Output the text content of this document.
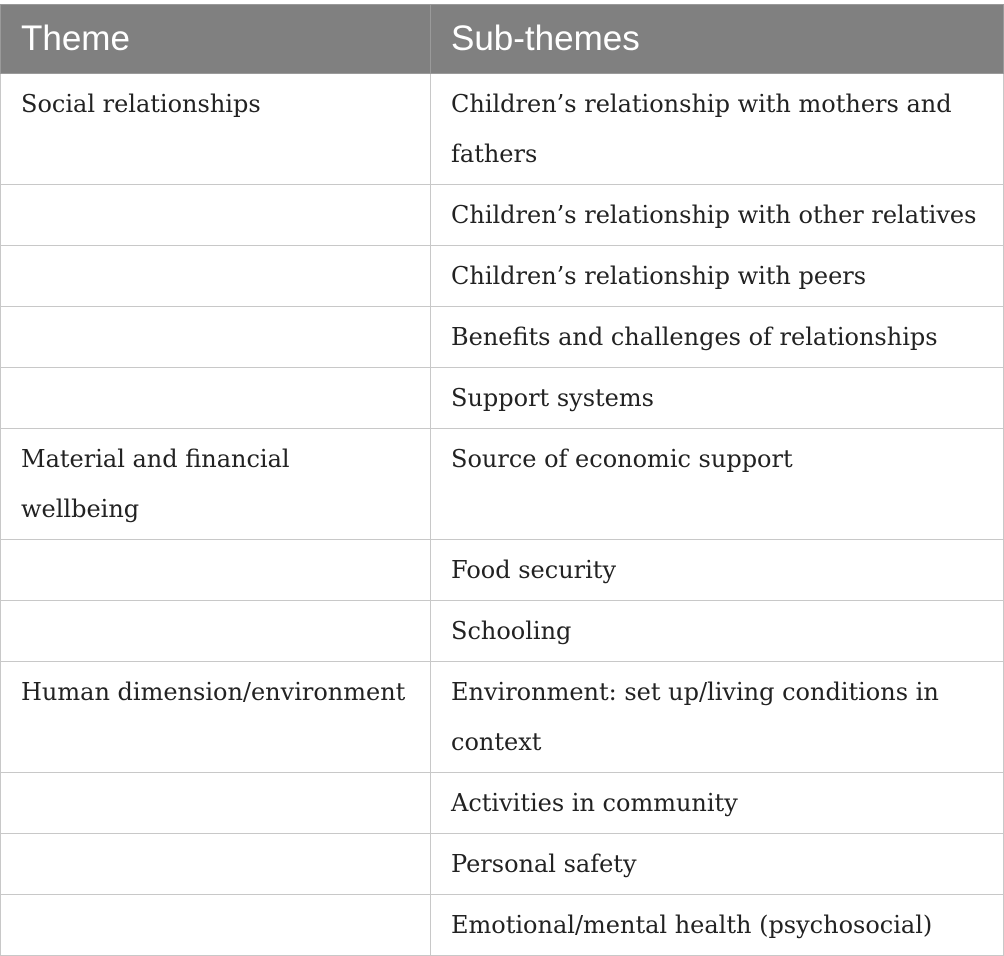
Theme	Sub-themes
Social relationships	Children’s relationship with mothers and fathers
	Children’s relationship with other relatives
	Children’s relationship with peers
	Benefits and challenges of relationships
	Support systems
Material and financial wellbeing	Source of economic support
	Food security
	Schooling
Human dimension/environment	Environment: set up/living conditions in context
	Activities in community
	Personal safety
	Emotional/mental health (psychosocial)
